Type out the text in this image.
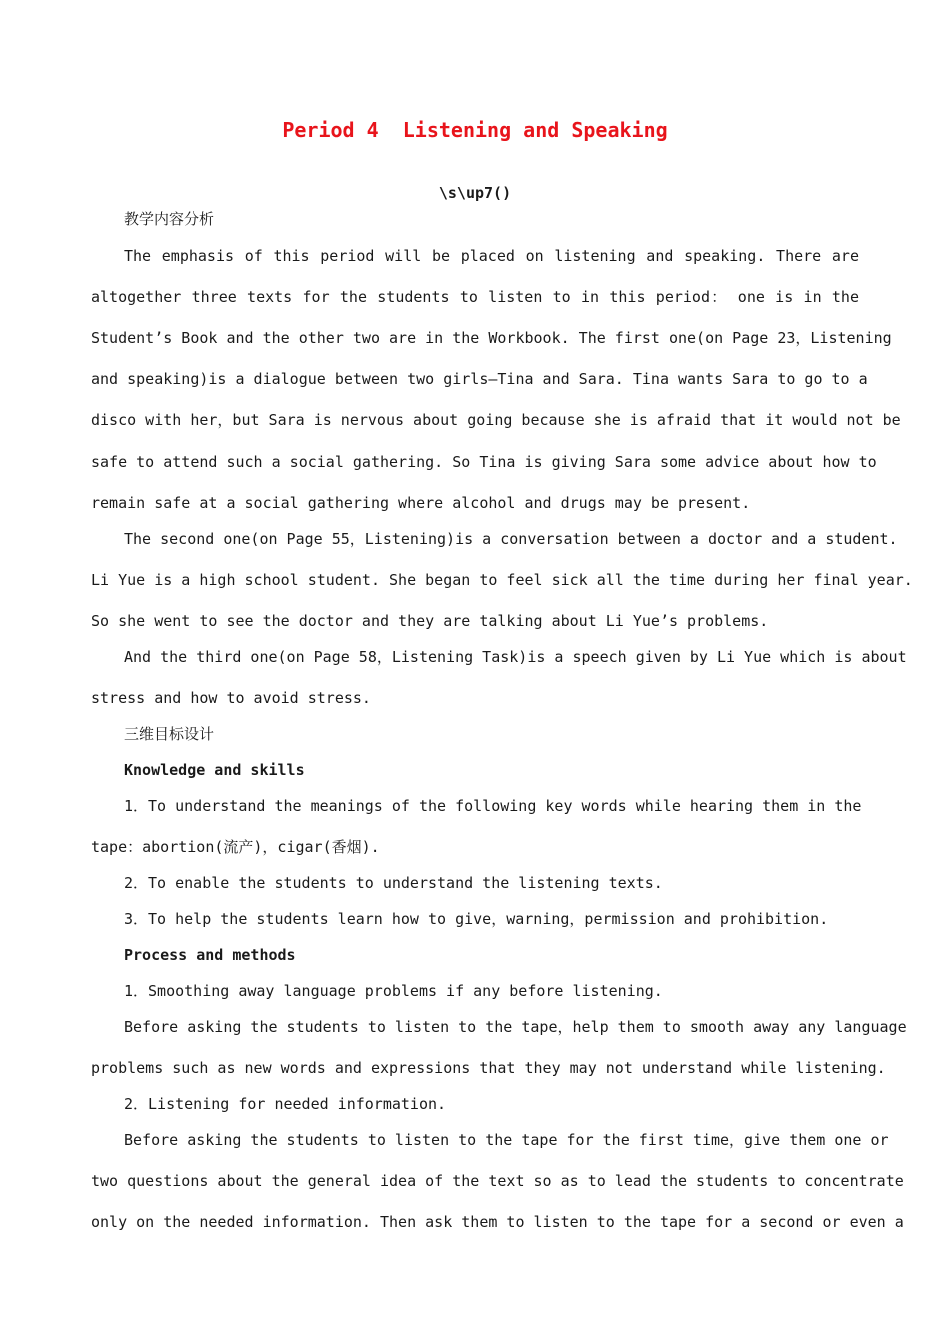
Period 4  Listening and Speaking
\s\up7()
教学内容分析
The emphasis of this period will be placed on listening and speaking. There are
altogether three texts for the students to listen to in this period： one is in the
Student’s Book and the other two are in the Workbook. The first one(on Page 23，Listening
and speaking)is a dialogue between two girls—Tina and Sara. Tina wants Sara to go to a
disco with her，but Sara is nervous about going because she is afraid that it would not be
safe to attend such a social gathering. So Tina is giving Sara some advice about how to
remain safe at a social gathering where alcohol and drugs may be present.
The second one(on Page 55，Listening)is a conversation between a doctor and a student.
Li Yue is a high school student. She began to feel sick all the time during her final year.
So she went to see the doctor and they are talking about Li Yue’s problems.
And the third one(on Page 58，Listening Task)is a speech given by Li Yue which is about
stress and how to avoid stress.
三维目标设计
Knowledge and skills
1．To understand the meanings of the following key words while hearing them in the
tape：abortion(流产)，cigar(香烟).
2．To enable the students to understand the listening texts.
3．To help the students learn how to give，warning，permission and prohibition.
Process and methods
1．Smoothing away language problems if any before listening.
Before asking the students to listen to the tape，help them to smooth away any language
problems such as new words and expressions that they may not understand while listening.
2．Listening for needed information.
Before asking the students to listen to the tape for the first time，give them one or
two questions about the general idea of the text so as to lead the students to concentrate
only on the needed information. Then ask them to listen to the tape for a second or even a
